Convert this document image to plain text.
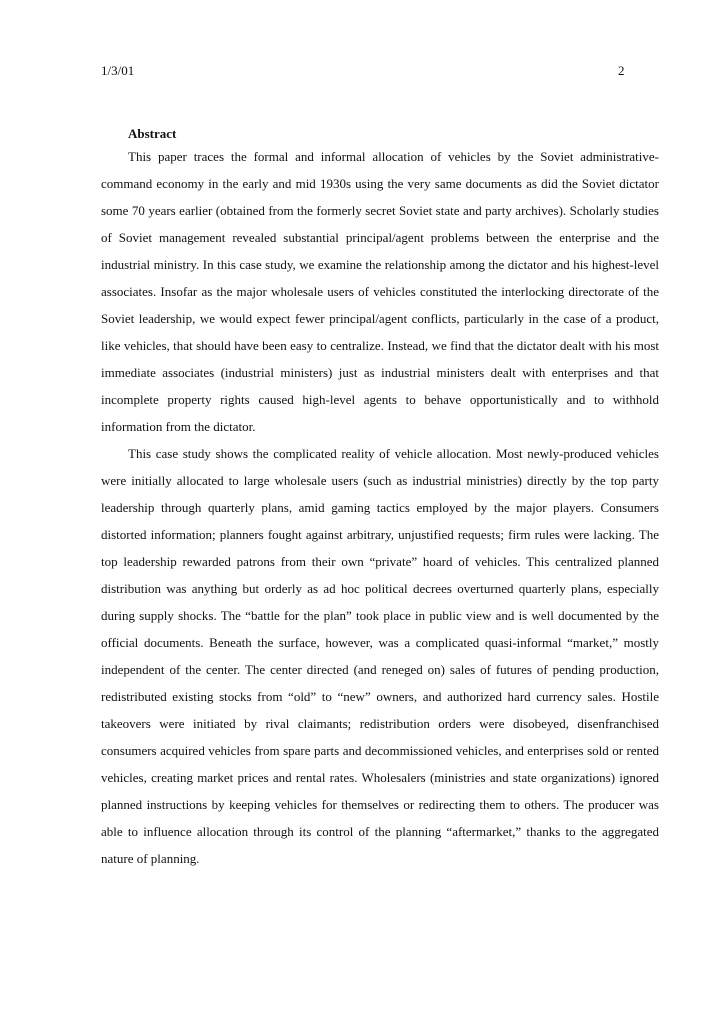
1/3/01	2
Abstract

This paper traces the formal and informal allocation of vehicles by the Soviet administrative-command economy in the early and mid 1930s using the very same documents as did the Soviet dictator some 70 years earlier (obtained from the formerly secret Soviet state and party archives). Scholarly studies of Soviet management revealed substantial principal/agent problems between the enterprise and the industrial ministry. In this case study, we examine the relationship among the dictator and his highest-level associates. Insofar as the major wholesale users of vehicles constituted the interlocking directorate of the Soviet leadership, we would expect fewer principal/agent conflicts, particularly in the case of a product, like vehicles, that should have been easy to centralize. Instead, we find that the dictator dealt with his most immediate associates (industrial ministers) just as industrial ministers dealt with enterprises and that incomplete property rights caused high-level agents to behave opportunistically and to withhold information from the dictator.

This case study shows the complicated reality of vehicle allocation. Most newly-produced vehicles were initially allocated to large wholesale users (such as industrial ministries) directly by the top party leadership through quarterly plans, amid gaming tactics employed by the major players. Consumers distorted information; planners fought against arbitrary, unjustified requests; firm rules were lacking. The top leadership rewarded patrons from their own “private” hoard of vehicles. This centralized planned distribution was anything but orderly as ad hoc political decrees overturned quarterly plans, especially during supply shocks. The “battle for the plan” took place in public view and is well documented by the official documents. Beneath the surface, however, was a complicated quasi-informal “market,” mostly independent of the center. The center directed (and reneged on) sales of futures of pending production, redistributed existing stocks from “old” to “new” owners, and authorized hard currency sales. Hostile takeovers were initiated by rival claimants; redistribution orders were disobeyed, disenfranchised consumers acquired vehicles from spare parts and decommissioned vehicles, and enterprises sold or rented vehicles, creating market prices and rental rates. Wholesalers (ministries and state organizations) ignored planned instructions by keeping vehicles for themselves or redirecting them to others. The producer was able to influence allocation through its control of the planning “aftermarket,” thanks to the aggregated nature of planning.
